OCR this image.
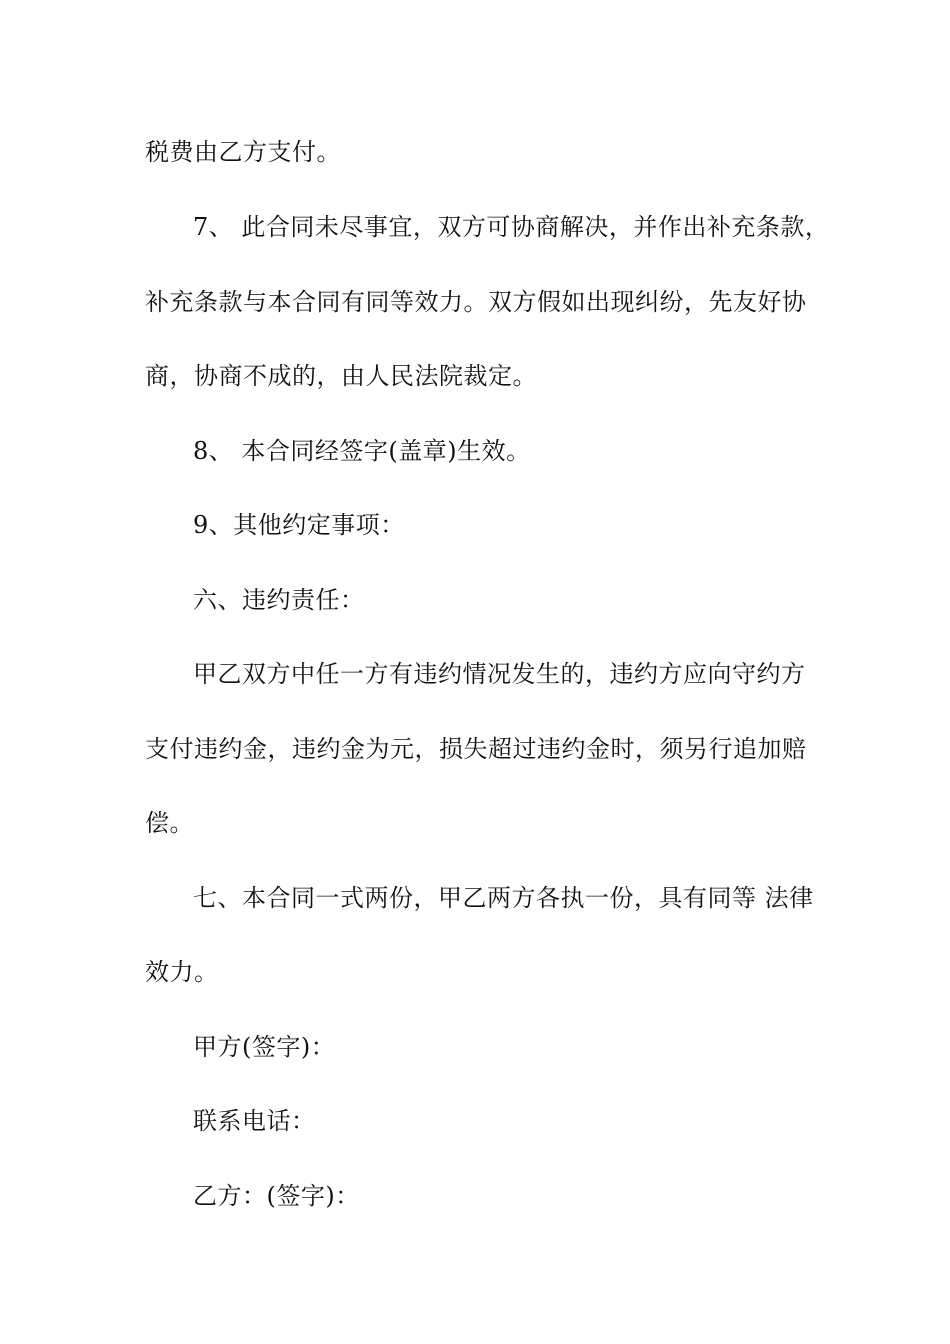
税费由乙方支付。
7、 此合同未尽事宜，双方可协商解决，并作出补充条款，
补充条款与本合同有同等效力。双方假如出现纠纷，先友好协
商，协商不成的，由人民法院裁定。
8、 本合同经签字(盖章)生效。
9、其他约定事项：
六、违约责任：
甲乙双方中任一方有违约情况发生的，违约方应向守约方
支付违约金，违约金为元，损失超过违约金时，须另行追加赔
偿。
七、本合同一式两份，甲乙两方各执一份，具有同等 法律
效力。
甲方(签字)：
联系电话：
乙方：(签字)：
